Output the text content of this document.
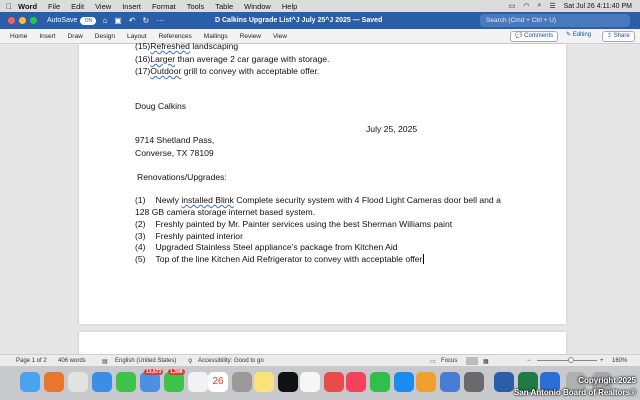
Word File Edit View Insert Format Tools Table Window Help	▭ ◠ ⌕ ☰ Sat Jul 26 4:11:40 PM
AutoSave	ON	⌂ ▣ ↶ ↻ ···	D Calkins Upgrade List^J July 25^J 2025 — Saved	Search (Cmd + Ctrl + U)
Home Insert Draw Design Layout References Mailings Review View	💬 Comments	✎ Editing	⇪ Share
(15)Refreshed landscaping
(16)Larger than average 2 car garage with storage.
(17)Outdoor grill to convey with acceptable offer.
Doug Calkins
July 25, 2025
9714 Shetland Pass,
Converse, TX 78109
Renovations/Upgrades:
(1) Newly installed Blink Complete security system with 4 Flood Light Cameras door bell and a
128 GB camera storage internet based system.
(2) Freshly painted by Mr. Painter services using the best Sherman Williams paint
(3) Freshly painted interior
(4) Upgraded Stainless Steel appliance’s package from Kitchen Aid
(5) Top of the line Kitchen Aid Refrigerator to convey with acceptable offer
Page 1 of 2 406 words	▤ English (United States) ⚲ Accessibility: Good to go	▭ Focus	▦	−	+ 160%
13,673	1,398
26	Copyright 2025
San Antonio Board of Realtors®
